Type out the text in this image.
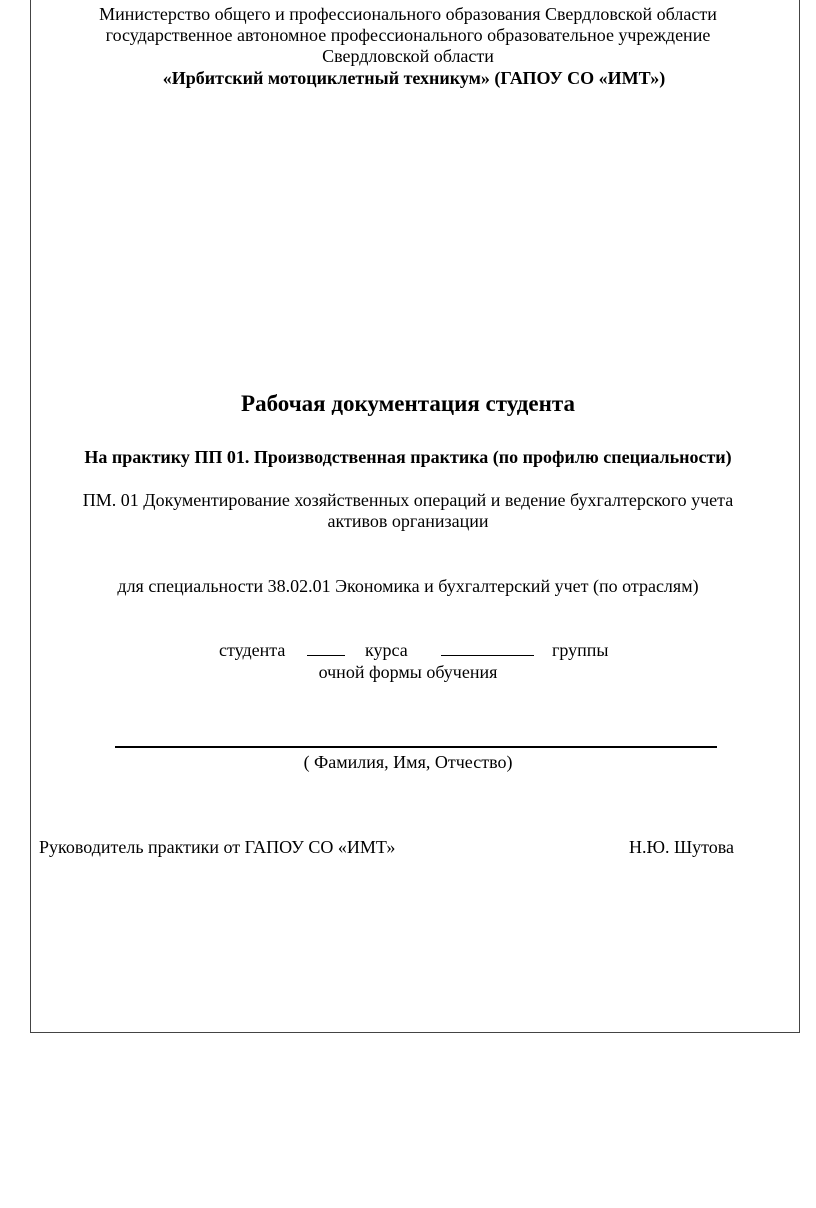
Министерство общего и профессионального образования Свердловской области
государственное автономное профессионального образовательное учреждение
Свердловской области
«Ирбитский мотоциклетный техникум» (ГАПОУ СО «ИМТ»)
Рабочая документация студента
На практику ПП 01. Производственная практика (по профилю специальности)
ПМ. 01 Документирование хозяйственных операций и ведение бухгалтерского учета
активов организации
для специальности 38.02.01 Экономика и бухгалтерский учет (по отраслям)
студента	курса	группы
очной формы обучения
( Фамилия, Имя, Отчество)
Руководитель практики от ГАПОУ СО «ИМТ»	Н.Ю. Шутова
